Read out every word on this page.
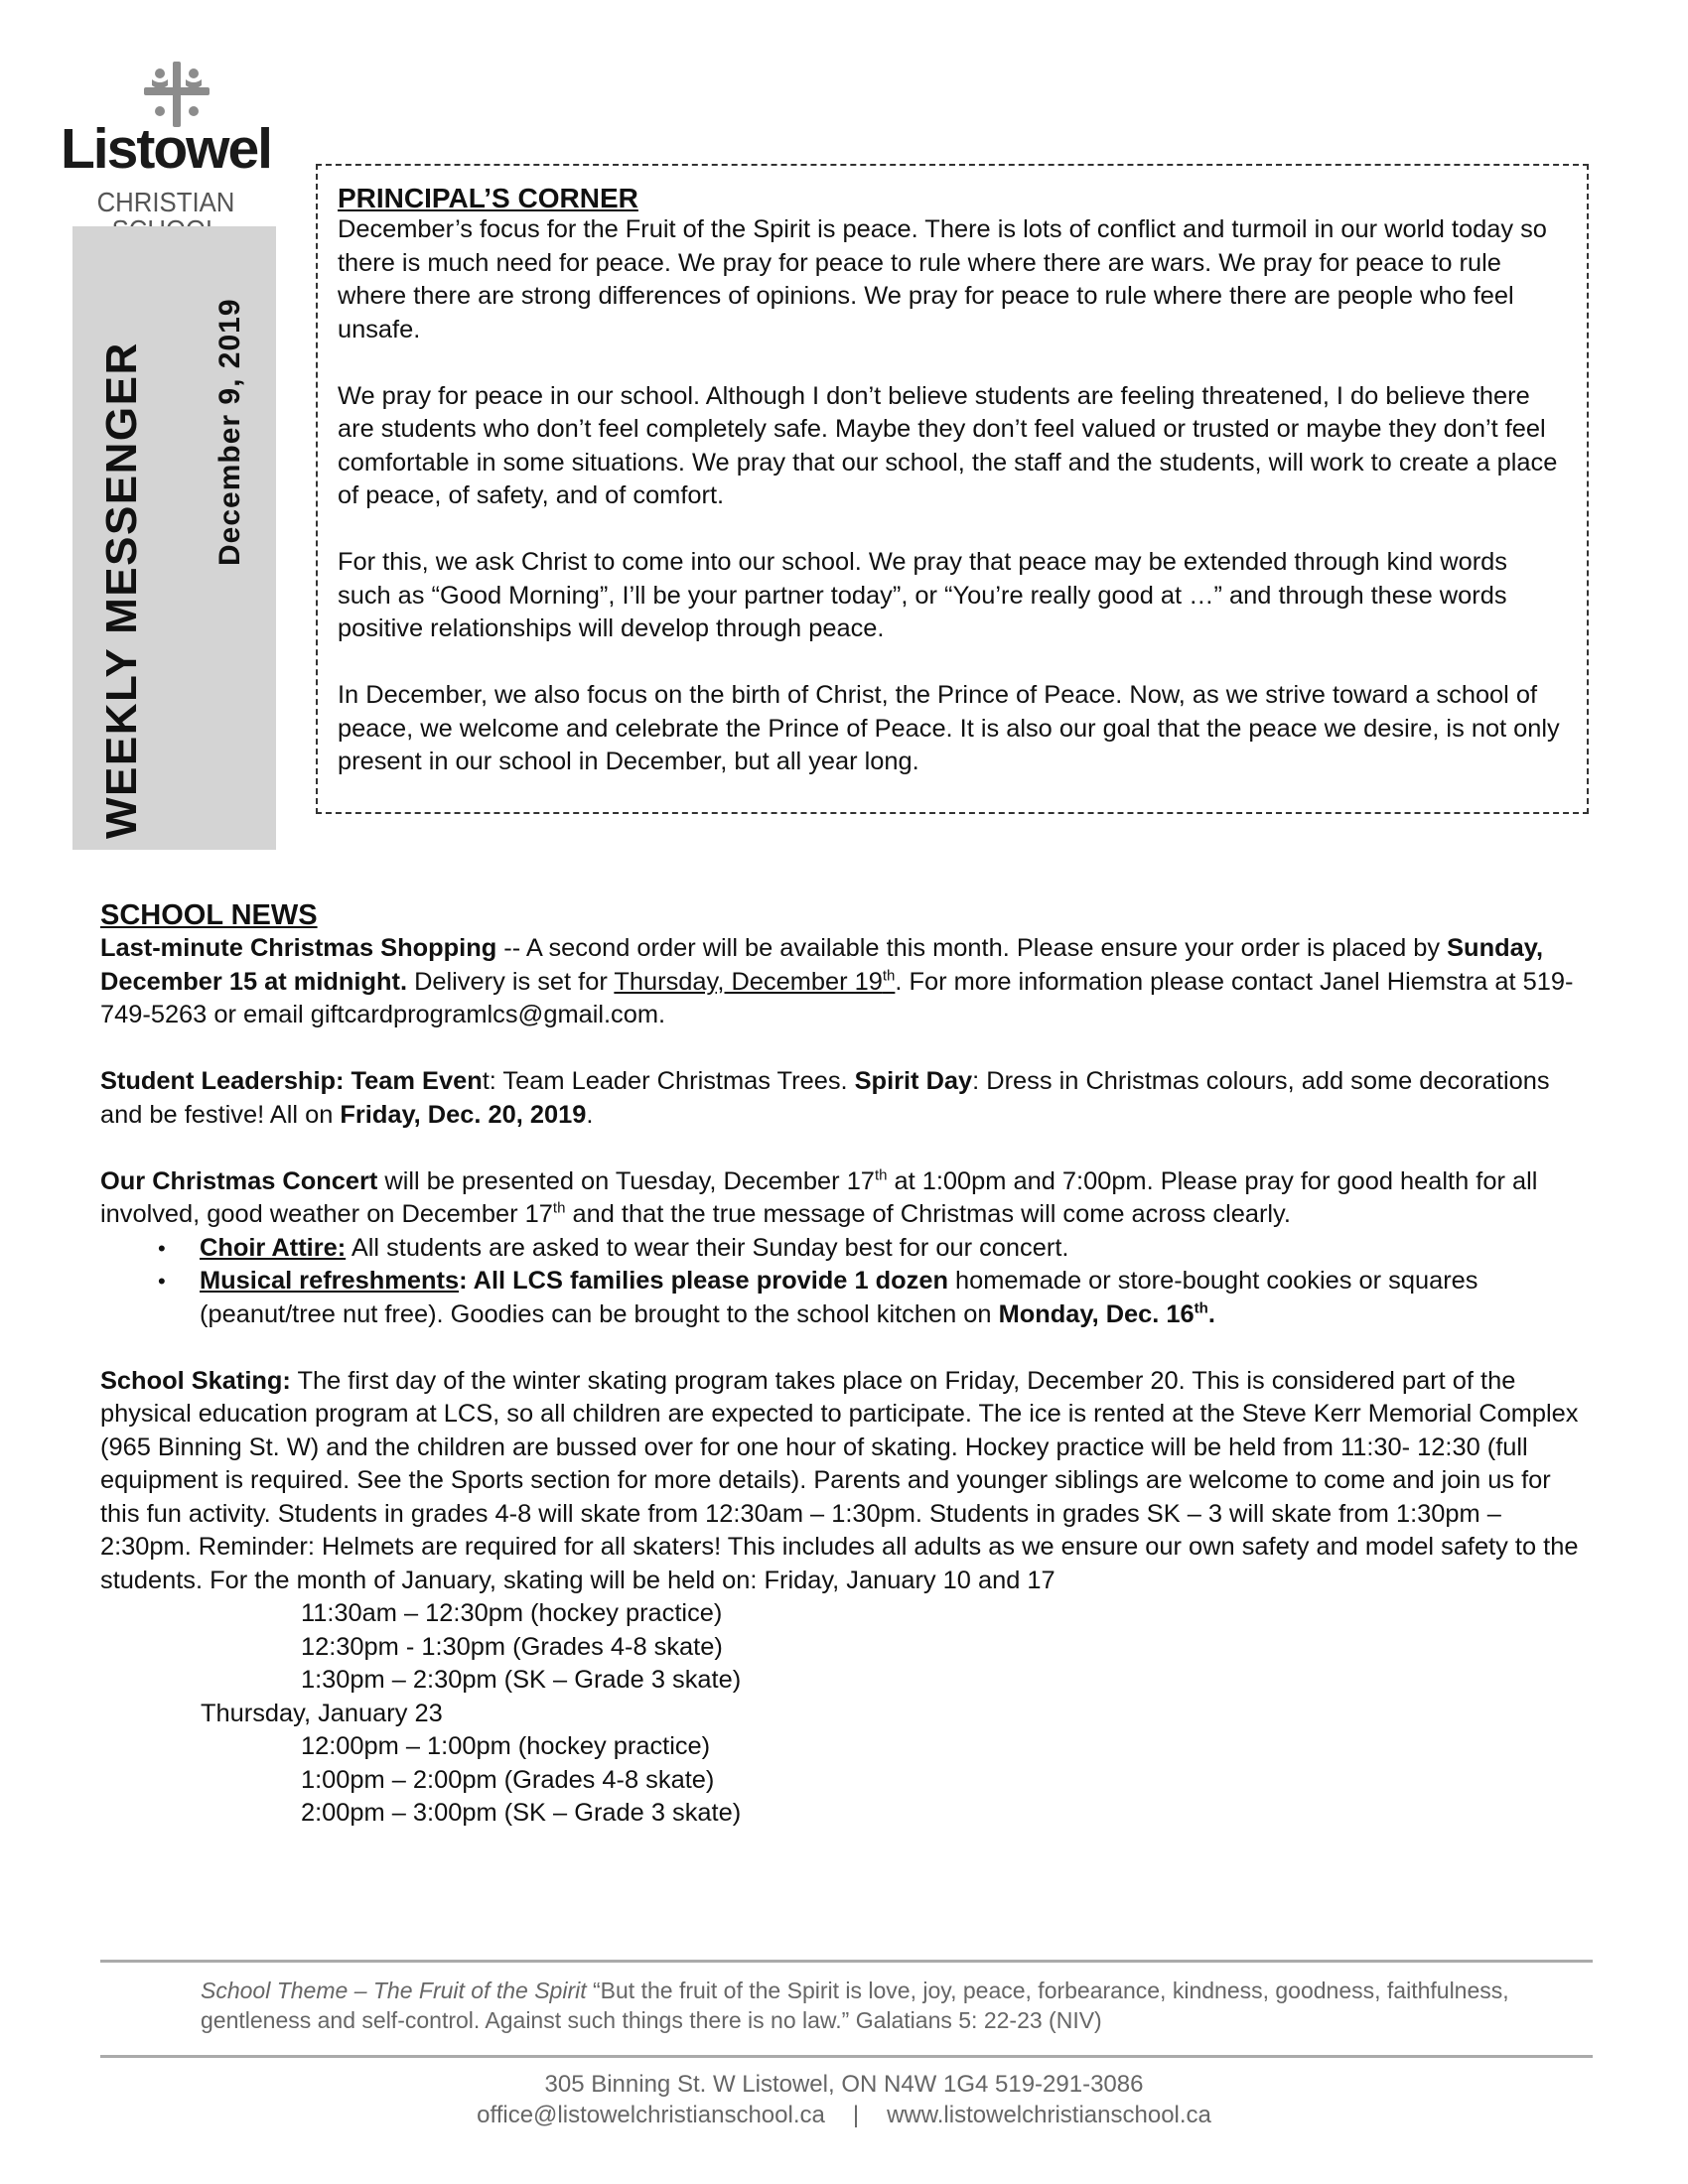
Listowel
CHRISTIAN
WEEKLY MESSENGER December 9, 2019
PRINCIPAL’S CORNER

December’s focus for the Fruit of the Spirit is peace. There is lots of conflict and turmoil in our world today so there is much need for peace. We pray for peace to rule where there are wars. We pray for peace to rule where there are strong differences of opinions. We pray for peace to rule where there are people who feel unsafe.

We pray for peace in our school. Although I don’t believe students are feeling threatened, I do believe there are students who don’t feel completely safe. Maybe they don’t feel valued or trusted or maybe they don’t feel comfortable in some situations. We pray that our school, the staff and the students, will work to create a place of peace, of safety, and of comfort.

For this, we ask Christ to come into our school. We pray that peace may be extended through kind words such as “Good Morning”, I’ll be your partner today”, or “You’re really good at …” and through these words positive relationships will develop through peace.

In December, we also focus on the birth of Christ, the Prince of Peace. Now, as we strive toward a school of peace, we welcome and celebrate the Prince of Peace. It is also our goal that the peace we desire, is not only present in our school in December, but all year long.

SCHOOL NEWS

Last-minute Christmas Shopping -- A second order will be available this month. Please ensure your order is placed by Sunday, December 15 at midnight. Delivery is set for Thursday, December 19th. For more information please contact Janel Hiemstra at 519-749-5263 or email giftcardprogramlcs@gmail.com.

Student Leadership: Team Event: Team Leader Christmas Trees. Spirit Day: Dress in Christmas colours, add some decorations and be festive! All on Friday, Dec. 20, 2019.

Our Christmas Concert will be presented on Tuesday, December 17th at 1:00pm and 7:00pm. Please pray for good health for all involved, good weather on December 17th and that the true message of Christmas will come across clearly.

• Choir Attire: All students are asked to wear their Sunday best for our concert.
• Musical refreshments: All LCS families please provide 1 dozen homemade or store-bought cookies or squares (peanut/tree nut free). Goodies can be brought to the school kitchen on Monday, Dec. 16th.

School Skating: The first day of the winter skating program takes place on Friday, December 20. This is considered part of the physical education program at LCS, so all children are expected to participate. The ice is rented at the Steve Kerr Memorial Complex (965 Binning St. W) and the children are bussed over for one hour of skating. Hockey practice will be held from 11:30- 12:30 (full equipment is required. See the Sports section for more details). Parents and younger siblings are welcome to come and join us for this fun activity. Students in grades 4-8 will skate from 12:30am – 1:30pm. Students in grades SK – 3 will skate from 1:30pm – 2:30pm. Reminder: Helmets are required for all skaters! This includes all adults as we ensure our own safety and model safety to the students. For the month of January, skating will be held on: Friday, January 10 and 17

11:30am – 12:30pm (hockey practice)

12:30pm - 1:30pm (Grades 4-8 skate)

1:30pm – 2:30pm (SK – Grade 3 skate)

Thursday, January 23

12:00pm – 1:00pm (hockey practice)

1:00pm – 2:00pm (Grades 4-8 skate)

2:00pm – 3:00pm (SK – Grade 3 skate)

School Theme – The Fruit of the Spirit “But the fruit of the Spirit is love, joy, peace, forbearance, kindness, goodness, faithfulness, gentleness and self-control. Against such things there is no law.” Galatians 5: 22-23 (NIV)
305 Binning St. W Listowel, ON N4W 1G4 519-291-3086
office@listowelchristianschool.ca | www.listowelchristianschool.ca
